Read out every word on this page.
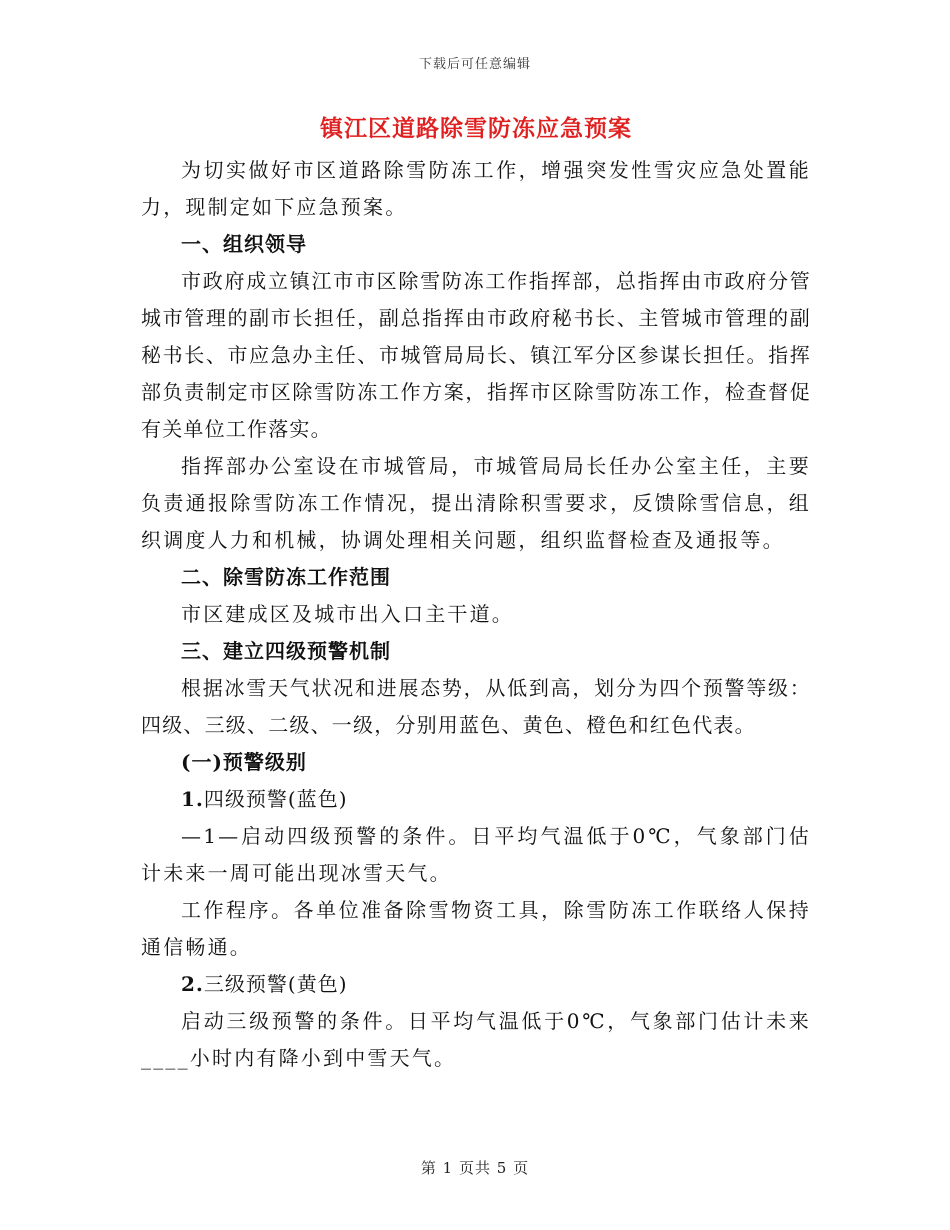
下载后可任意编辑
镇江区道路除雪防冻应急预案

为切实做好市区道路除雪防冻工作，增强突发性雪灾应急处置能力，现制定如下应急预案。

一、组织领导

市政府成立镇江市市区除雪防冻工作指挥部，总指挥由市政府分管城市管理的副市长担任，副总指挥由市政府秘书长、主管城市管理的副秘书长、市应急办主任、市城管局局长、镇江军分区参谋长担任。指挥部负责制定市区除雪防冻工作方案，指挥市区除雪防冻工作，检查督促有关单位工作落实。

指挥部办公室设在市城管局，市城管局局长任办公室主任，主要负责通报除雪防冻工作情况，提出清除积雪要求，反馈除雪信息，组织调度人力和机械，协调处理相关问题，组织监督检查及通报等。

二、除雪防冻工作范围

市区建成区及城市出入口主干道。

三、建立四级预警机制

根据冰雪天气状况和进展态势，从低到高，划分为四个预警等级：四级、三级、二级、一级，分别用蓝色、黄色、橙色和红色代表。

(一)预警级别

1.四级预警(蓝色)

—1—启动四级预警的条件。日平均气温低于0℃，气象部门估计未来一周可能出现冰雪天气。

工作程序。各单位准备除雪物资工具，除雪防冻工作联络人保持通信畅通。

2.三级预警(黄色)

启动三级预警的条件。日平均气温低于0℃，气象部门估计未来____小时内有降小到中雪天气。

第 1 页共 5 页
